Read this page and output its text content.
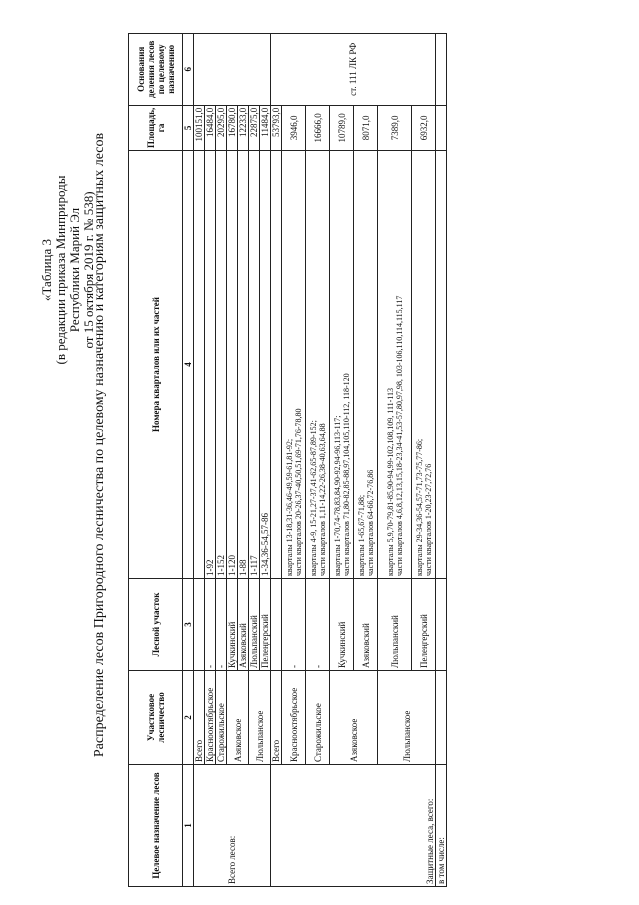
«Таблица 3 (в редакции приказа Минприроды Республики Марий Эл от 15 октября 2019 г. № 538)
Распределение лесов Пригородного лесничества по целевому назначению и категориям защитных лесов
Целевое назначение лесов	Участковое лесничество	Лесной участок	Номера кварталов или их частей	Площадь, га	Основания деления лесов по целевому назначению
1	2	3	4	5	6
Всего лесов:	Всего			100151,0	
	Краснооктябрьское	-	1-92	16484,0	
	Старожильское	-	1-152	20295,0	
	Азяковское	Кучкинский	1-120	16780,0	
		Азяковский	1-88	12233,0	
	Люльпанское	Люльпанский	1-117	22875,0	
		Пелеңгерский	1-34,36-54,57-86	11484,0	
Защитные леса, всего:	Всего			53793,0	ст. 111 ЛК РФ
	Краснооктябрьское	-	кварталы 13-18,31-36,46-49,59-61,81-92; части кварталов 20-26,37-40,50,51,69-71,76-78,80	3946,0	
	Старожильское	-	кварталы 4-9, 15-21,27-37,41-62,65-87,89-152; части кварталов 1,11-14,22-26,38-40,63,64,88	16666,0	
	Азяковское	Кучкинский	кварталы 1-70,74-78,83,84,90-92,94-96,113-117; части кварталов 71,80-82,85-88,97,104,105,110-112, 118-120	10789,0	
		Азяковский	кварталы 1-65,67-71,88; части кварталов 64-66,72-76,86	8071,0	
	Люльпанское	Люльпанский	кварталы 5,9,70-79,81-85,90-94,99-102,108,109, 111-113 части кварталов 4,6,8,12,13,15,18-23,34-41,53-57,80,97,98, 103-106,110,114,115,117	7389,0	
		Пелеңгерский	кварталы 29-34,36-54,57-71,73-75,77-86; части кварталов 1-20,23-27,72,76	6932,0	
в том числе:					
